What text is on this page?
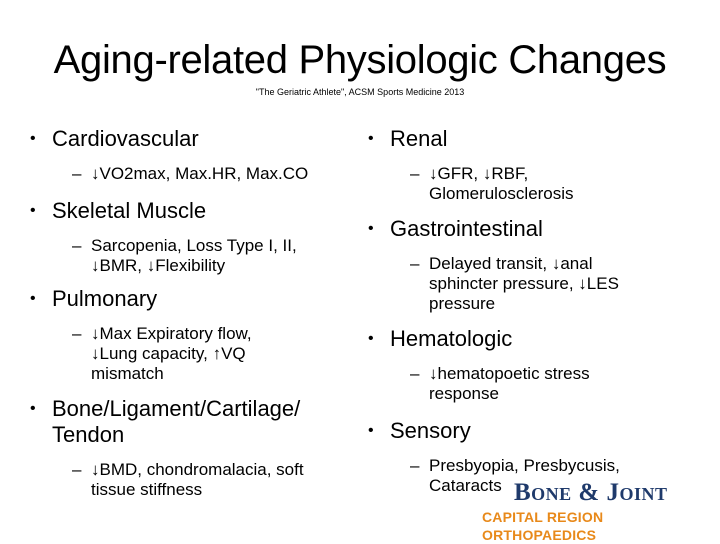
Aging-related Physiologic Changes
"The Geriatric Athlete", ACSM Sports Medicine 2013
• Cardiovascular
– ↓VO2max, Max.HR, Max.CO
• Skeletal Muscle
– Sarcopenia, Loss Type I, II, ↓BMR, ↓Flexibility
• Pulmonary
– ↓Max Expiratory flow, ↓Lung capacity, ↑VQ mismatch
• Bone/Ligament/Cartilage/ Tendon
– ↓BMD, chondromalacia, soft tissue stiffness
• Renal
– ↓GFR, ↓RBF, Glomerulosclerosis
• Gastrointestinal
– Delayed transit, ↓anal sphincter pressure, ↓LES pressure
• Hematologic
– ↓hematopoetic stress response
• Sensory
– Presbyopia, Presbycusis, Cataracts Bone & Joint
CAPITAL REGION ORTHOPAEDICS
